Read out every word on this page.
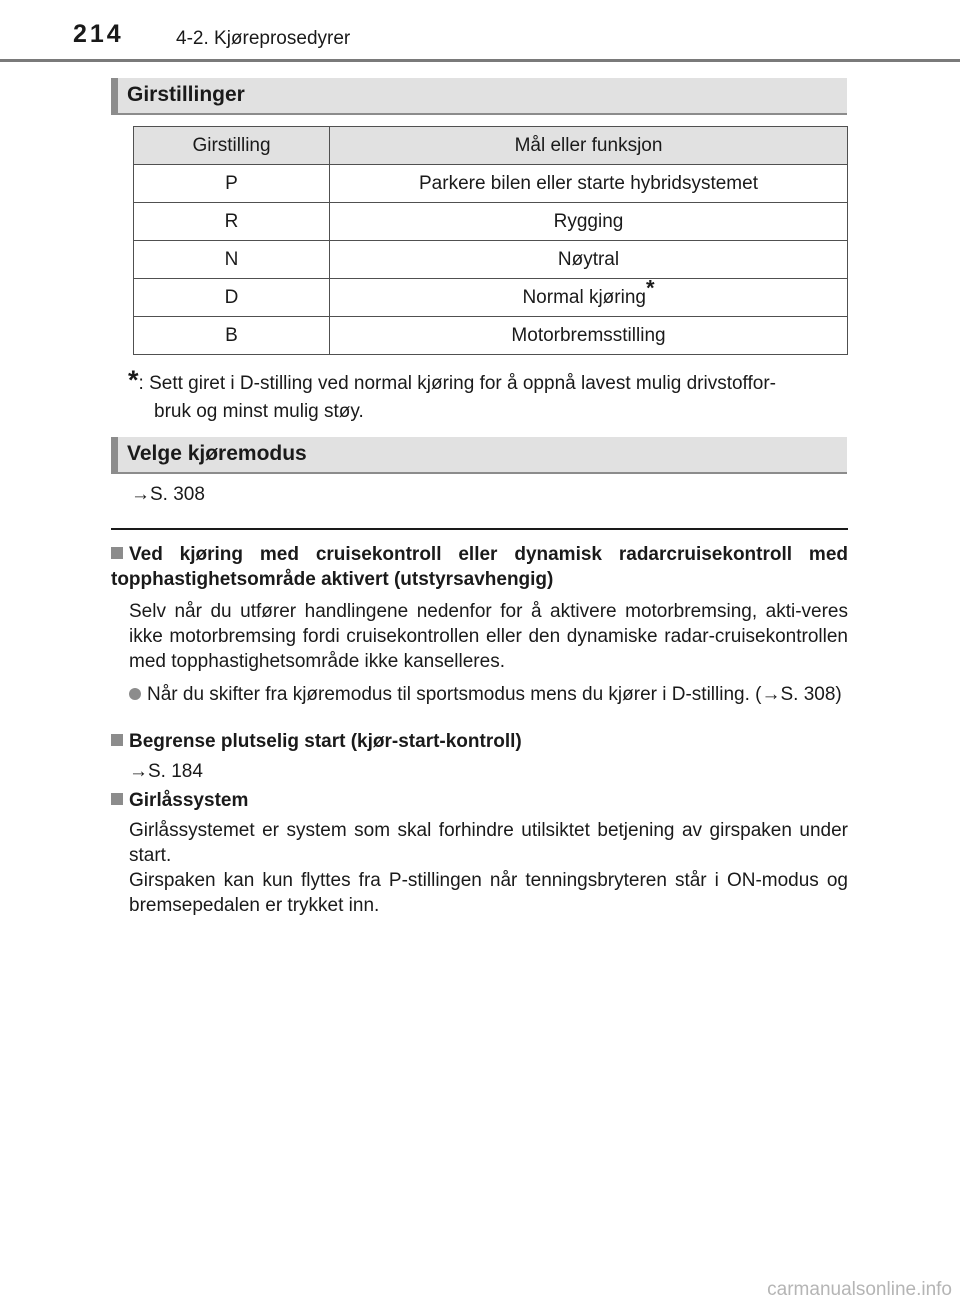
214	4-2. Kjøreprosedyrer
Girstillinger
Girstilling	Mål eller funksjon
P	Parkere bilen eller starte hybridsystemet
R	Rygging
N	Nøytral
D	Normal kjøring*
B	Motorbremsstilling
*: Sett giret i D-stilling ved normal kjøring for å oppnå lavest mulig drivstoffor-
bruk og minst mulig støy.
Velge kjøremodus
→S. 308
Ved kjøring med cruisekontroll eller dynamisk radarcruisekontroll med topphastighetsområde aktivert (utstyrsavhengig)
Selv når du utfører handlingene nedenfor for å aktivere motorbremsing, akti-veres ikke motorbremsing fordi cruisekontrollen eller den dynamiske radar-cruisekontrollen med topphastighetsområde ikke kanselleres.
Når du skifter fra kjøremodus til sportsmodus mens du kjører i D-stilling. (→S. 308)
Begrense plutselig start (kjør-start-kontroll)
→S. 184
Girlåssystem
Girlåssystemet er system som skal forhindre utilsiktet betjening av girspaken under start.
Girspaken kan kun flyttes fra P-stillingen når tenningsbryteren står i ON-modus og bremsepedalen er trykket inn.
carmanualsonline.info
